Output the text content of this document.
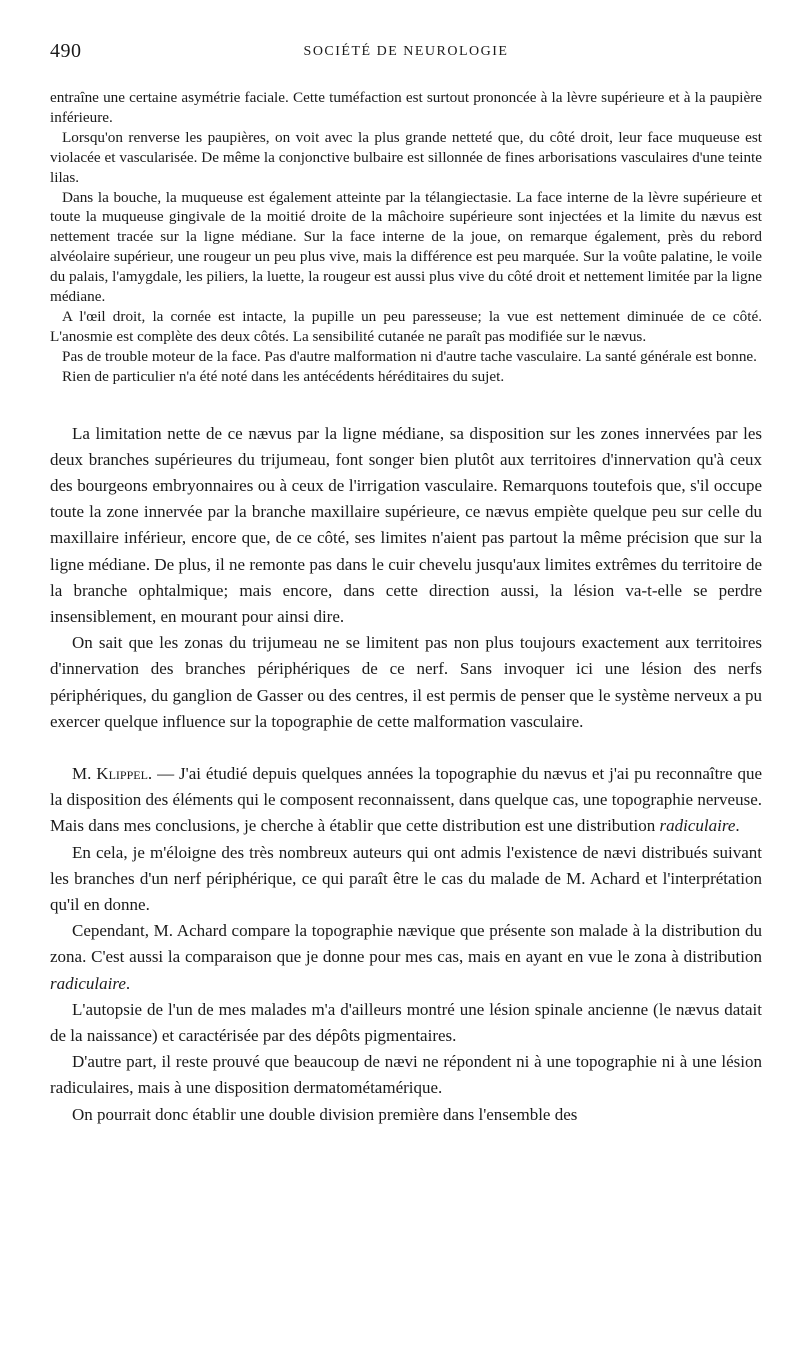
490	SOCIÉTÉ DE NEUROLOGIE

entraîne une certaine asymétrie faciale. Cette tuméfaction est surtout prononcée à la lèvre supérieure et à la paupière inférieure.

Lorsqu'on renverse les paupières, on voit avec la plus grande netteté que, du côté droit, leur face muqueuse est violacée et vascularisée. De même la conjonctive bulbaire est sillonnée de fines arborisations vasculaires d'une teinte lilas.

Dans la bouche, la muqueuse est également atteinte par la télangiectasie. La face interne de la lèvre supérieure et toute la muqueuse gingivale de la moitié droite de la mâchoire supérieure sont injectées et la limite du nævus est nettement tracée sur la ligne médiane. Sur la face interne de la joue, on remarque également, près du rebord alvéolaire supérieur, une rougeur un peu plus vive, mais la différence est peu marquée. Sur la voûte palatine, le voile du palais, l'amygdale, les piliers, la luette, la rougeur est aussi plus vive du côté droit et nettement limitée par la ligne médiane.

A l'œil droit, la cornée est intacte, la pupille un peu paresseuse; la vue est nettement diminuée de ce côté. L'anosmie est complète des deux côtés. La sensibilité cutanée ne paraît pas modifiée sur le nævus.

Pas de trouble moteur de la face. Pas d'autre malformation ni d'autre tache vasculaire. La santé générale est bonne.

Rien de particulier n'a été noté dans les antécédents héréditaires du sujet.

La limitation nette de ce nævus par la ligne médiane, sa disposition sur les zones innervées par les deux branches supérieures du trijumeau, font songer bien plutôt aux territoires d'innervation qu'à ceux des bourgeons embryonnaires ou à ceux de l'irrigation vasculaire. Remarquons toutefois que, s'il occupe toute la zone innervée par la branche maxillaire supérieure, ce nævus empiète quelque peu sur celle du maxillaire inférieur, encore que, de ce côté, ses limites n'aient pas partout la même précision que sur la ligne médiane. De plus, il ne remonte pas dans le cuir chevelu jusqu'aux limites extrêmes du territoire de la branche ophtalmique; mais encore, dans cette direction aussi, la lésion va-t-elle se perdre insensiblement, en mourant pour ainsi dire.

On sait que les zonas du trijumeau ne se limitent pas non plus toujours exactement aux territoires d'innervation des branches périphériques de ce nerf. Sans invoquer ici une lésion des nerfs périphériques, du ganglion de Gasser ou des centres, il est permis de penser que le système nerveux a pu exercer quelque influence sur la topographie de cette malformation vasculaire.

M. Klippel. — J'ai étudié depuis quelques années la topographie du nævus et j'ai pu reconnaître que la disposition des éléments qui le composent reconnaissent, dans quelque cas, une topographie nerveuse. Mais dans mes conclusions, je cherche à établir que cette distribution est une distribution radiculaire.

En cela, je m'éloigne des très nombreux auteurs qui ont admis l'existence de nævi distribués suivant les branches d'un nerf périphérique, ce qui paraît être le cas du malade de M. Achard et l'interprétation qu'il en donne.

Cependant, M. Achard compare la topographie nævique que présente son malade à la distribution du zona. C'est aussi la comparaison que je donne pour mes cas, mais en ayant en vue le zona à distribution radiculaire.

L'autopsie de l'un de mes malades m'a d'ailleurs montré une lésion spinale ancienne (le nævus datait de la naissance) et caractérisée par des dépôts pigmentaires.

D'autre part, il reste prouvé que beaucoup de nævi ne répondent ni à une topographie ni à une lésion radiculaires, mais à une disposition dermatométamérique.

On pourrait donc établir une double division première dans l'ensemble des
